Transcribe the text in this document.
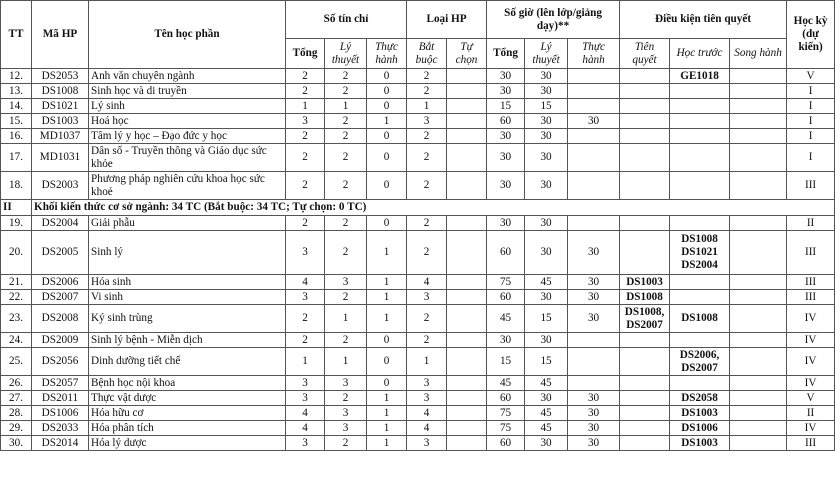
TT	Mã HP	Tên học phần	Số tín chỉ			Loại HP		Số giờ (lên lớp/giảng dạy)**			Điều kiện tiên quyết			Học kỳ (dự kiến)
			Tổng	Lý thuyết	Thực hành	Bắt buộc	Tự chọn	Tổng	Lý thuyết	Thực hành	Tiên quyết	Học trước	Song hành	
12.	DS2053	Anh văn chuyên ngành	2	2	0	2		30	30			GE1018		V
13.	DS1008	Sinh học và di truyền	2	2	0	2		30	30					I
14.	DS1021	Lý sinh	1	1	0	1		15	15					I
15.	DS1003	Hoá học	3	2	1	3		60	30	30				I
16.	MD1037	Tâm lý y học – Đạo đức y học	2	2	0	2		30	30					I
17.	MD1031	Dân số - Truyền thông và Giáo dục sức khỏe	2	2	0	2		30	30					I
18.	DS2003	Phương pháp nghiên cứu khoa học sức khoẻ	2	2	0	2		30	30					III
II	Khối kiến thức cơ sở ngành: 34 TC (Bắt buộc: 34 TC; Tự chọn: 0 TC)													
19.	DS2004	Giải phẫu	2	2	0	2		30	30					II
20.	DS2005	Sinh lý	3	2	1	2		60	30	30		DS1008 DS1021 DS2004		III
21.	DS2006	Hóa sinh	4	3	1	4		75	45	30	DS1003			III
22.	DS2007	Vi sinh	3	2	1	3		60	30	30	DS1008			III
23.	DS2008	Ký sinh trùng	2	1	1	2		45	15	30	DS1008, DS2007	DS1008		IV
24.	DS2009	Sinh lý bệnh - Miễn dịch	2	2	0	2		30	30					IV
25.	DS2056	Dinh dưỡng tiết chế	1	1	0	1		15	15			DS2006, DS2007		IV
26.	DS2057	Bệnh học nội khoa	3	3	0	3		45	45					IV
27.	DS2011	Thực vật dược	3	2	1	3		60	30	30		DS2058		V
28.	DS1006	Hóa hữu cơ	4	3	1	4		75	45	30		DS1003		II
29.	DS2033	Hóa phân tích	4	3	1	4		75	45	30		DS1006		IV
30.	DS2014	Hóa lý dược	3	2	1	3		60	30	30		DS1003		III
